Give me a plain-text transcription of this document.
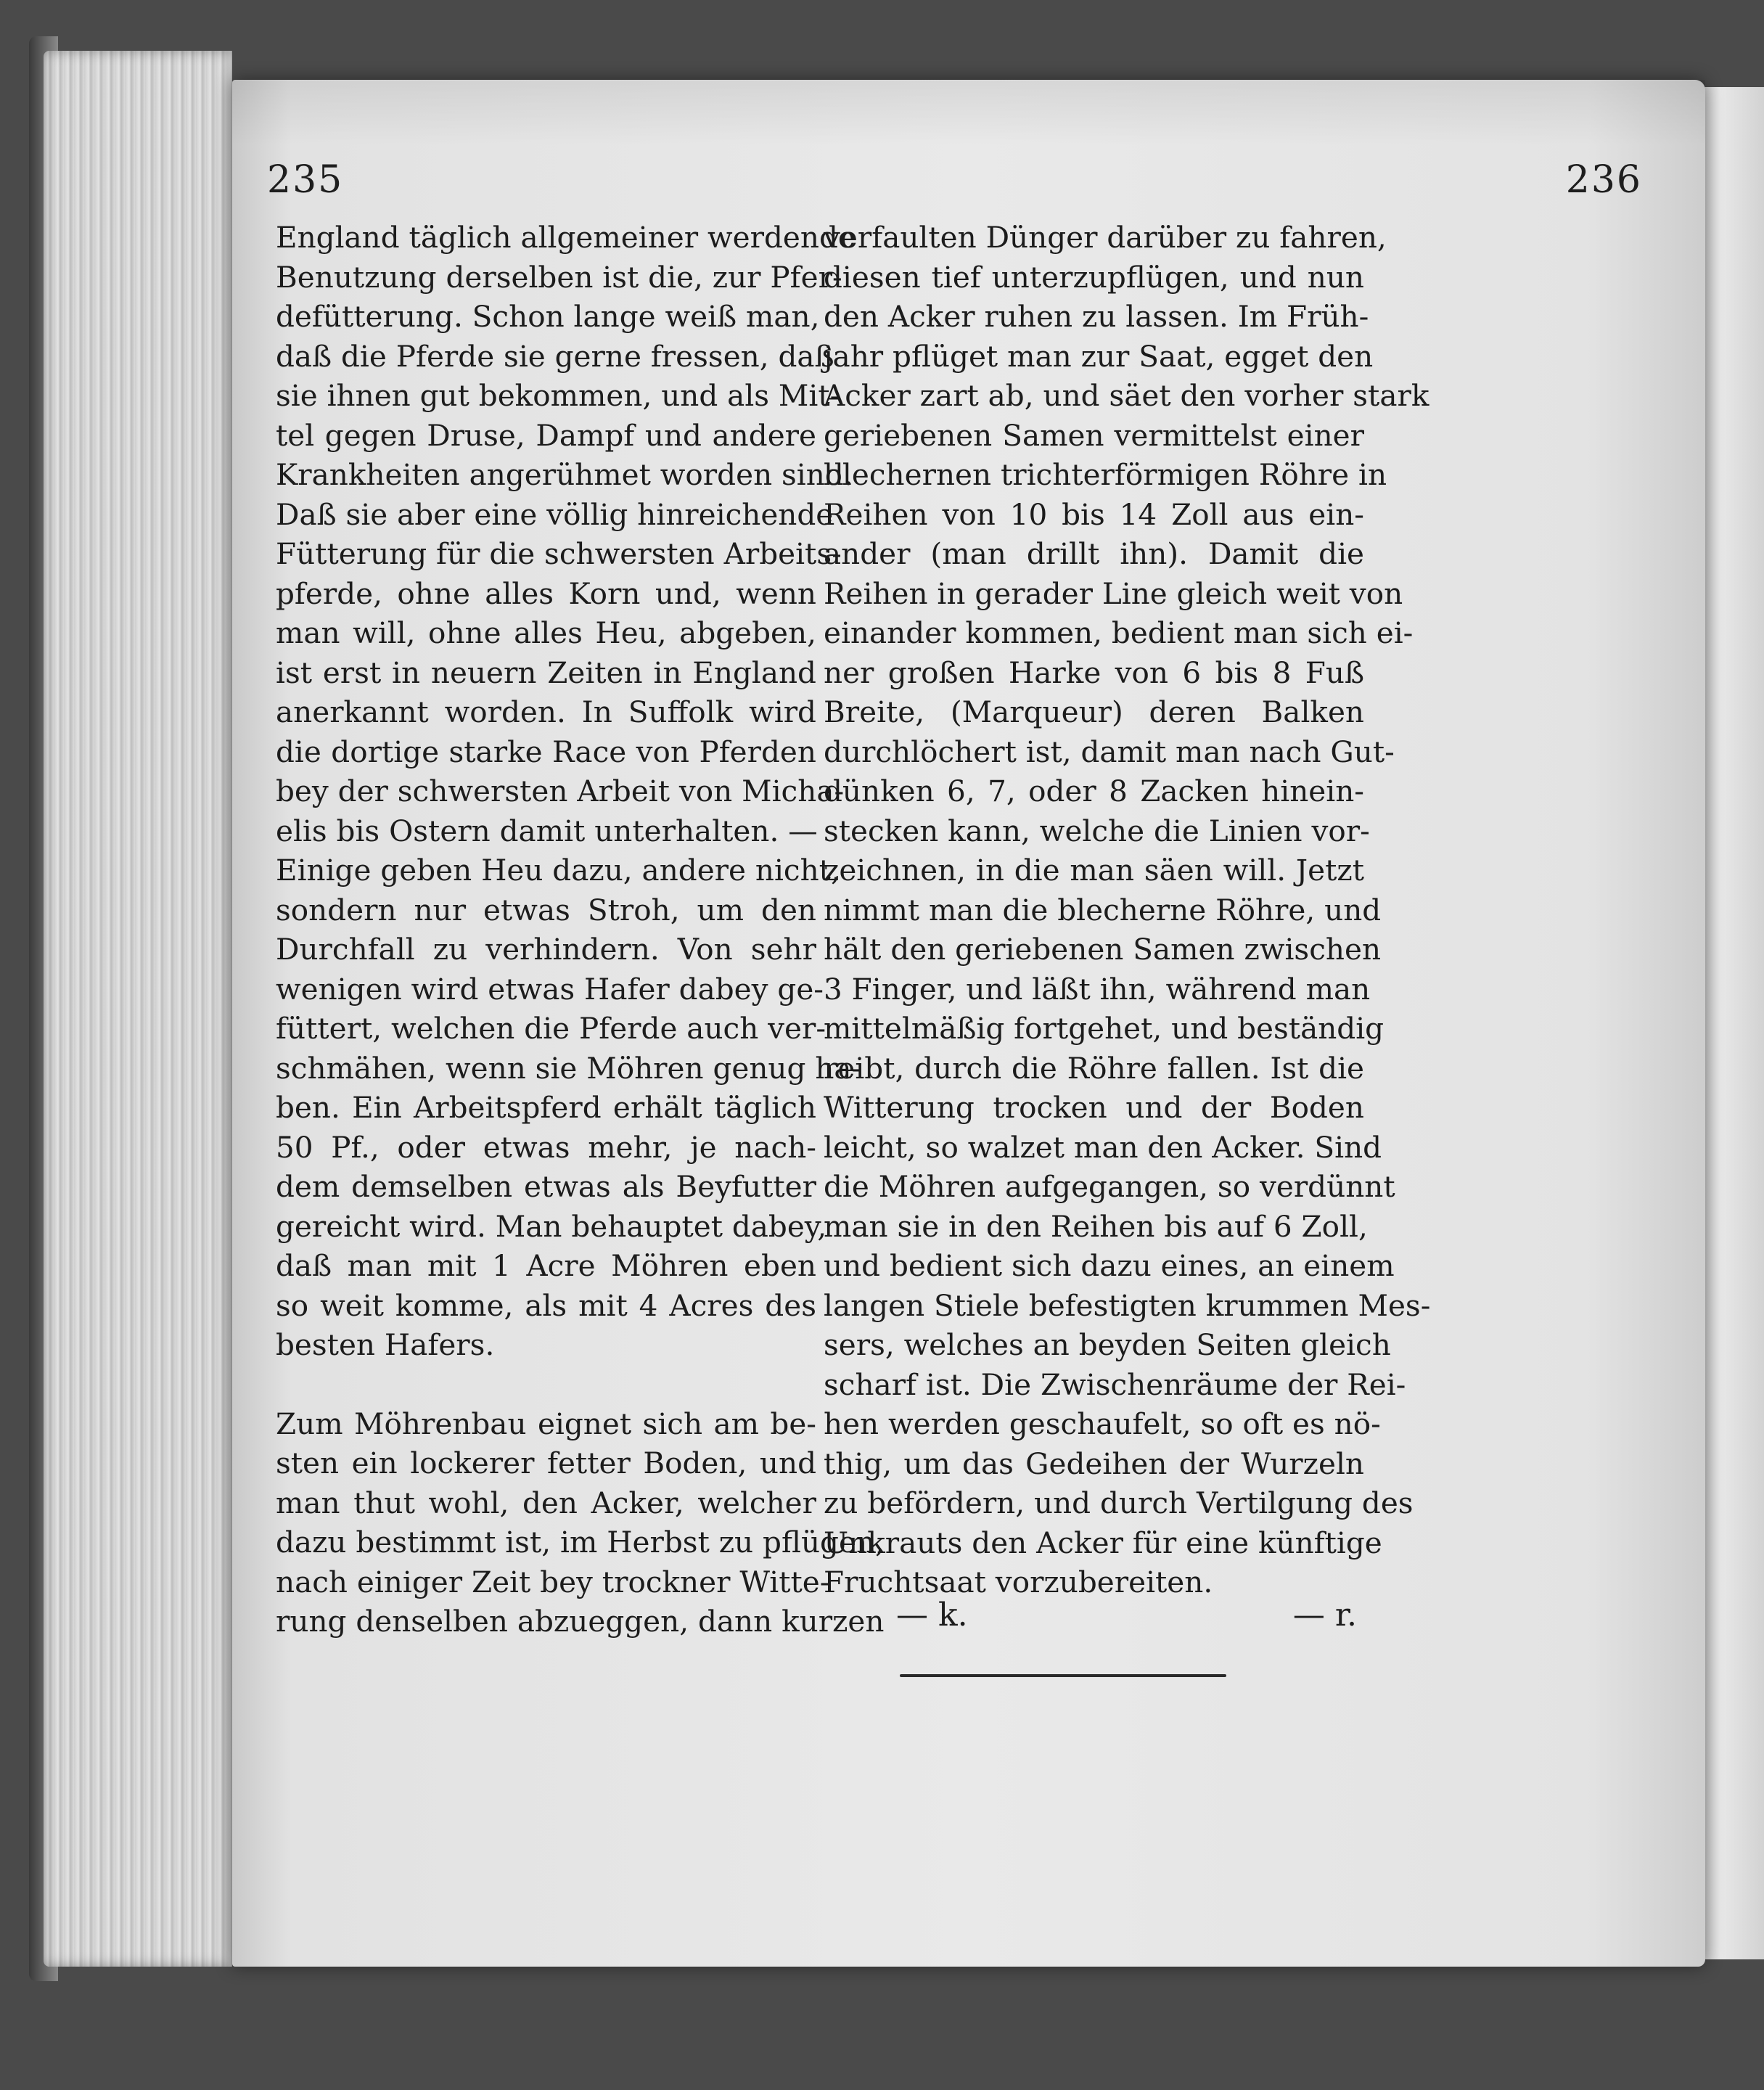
235	236
England täglich allgemeiner werdende
Benutzung derselben ist die, zur Pfer-
defütterung. Schon lange weiß man,
daß die Pferde sie gerne fressen, daß
sie ihnen gut bekommen, und als Mit-
tel gegen Druse, Dampf und andere
Krankheiten angerühmet worden sind.
Daß sie aber eine völlig hinreichende
Fütterung für die schwersten Arbeits-
pferde, ohne alles Korn und, wenn
man will, ohne alles Heu, abgeben,
ist erst in neuern Zeiten in England
anerkannt worden. In Suffolk wird
die dortige starke Race von Pferden
bey der schwersten Arbeit von Micha-
elis bis Ostern damit unterhalten. —
Einige geben Heu dazu, andere nicht,
sondern nur etwas Stroh, um den
Durchfall zu verhindern. Von sehr
wenigen wird etwas Hafer dabey ge-
füttert, welchen die Pferde auch ver-
schmähen, wenn sie Möhren genug ha-
ben. Ein Arbeitspferd erhält täglich
50 Pf., oder etwas mehr, je nach-
dem demselben etwas als Beyfutter
gereicht wird. Man behauptet dabey,
daß man mit 1 Acre Möhren eben
so weit komme, als mit 4 Acres des
besten Hafers.
Zum Möhrenbau eignet sich am be-
sten ein lockerer fetter Boden, und
man thut wohl, den Acker, welcher
dazu bestimmt ist, im Herbst zu pflügen,
nach einiger Zeit bey trockner Witte-
rung denselben abzueggen, dann kurzen
verfaulten Dünger darüber zu fahren,
diesen tief unterzupflügen, und nun
den Acker ruhen zu lassen. Im Früh-
jahr pflüget man zur Saat, egget den
Acker zart ab, und säet den vorher stark
geriebenen Samen vermittelst einer
blechernen trichterförmigen Röhre in
Reihen von 10 bis 14 Zoll aus ein-
ander (man drillt ihn). Damit die
Reihen in gerader Line gleich weit von
einander kommen, bedient man sich ei-
ner großen Harke von 6 bis 8 Fuß
Breite, (Marqueur) deren Balken
durchlöchert ist, damit man nach Gut-
dünken 6, 7, oder 8 Zacken hinein-
stecken kann, welche die Linien vor-
zeichnen, in die man säen will. Jetzt
nimmt man die blecherne Röhre, und
hält den geriebenen Samen zwischen
3 Finger, und läßt ihn, während man
mittelmäßig fortgehet, und beständig
reibt, durch die Röhre fallen. Ist die
Witterung trocken und der Boden
leicht, so walzet man den Acker. Sind
die Möhren aufgegangen, so verdünnt
man sie in den Reihen bis auf 6 Zoll,
und bedient sich dazu eines, an einem
langen Stiele befestigten krummen Mes-
sers, welches an beyden Seiten gleich
scharf ist. Die Zwischenräume der Rei-
hen werden geschaufelt, so oft es nö-
thig, um das Gedeihen der Wurzeln
zu befördern, und durch Vertilgung des
Unkrauts den Acker für eine künftige
Fruchtsaat vorzubereiten.
— k.	— r.
